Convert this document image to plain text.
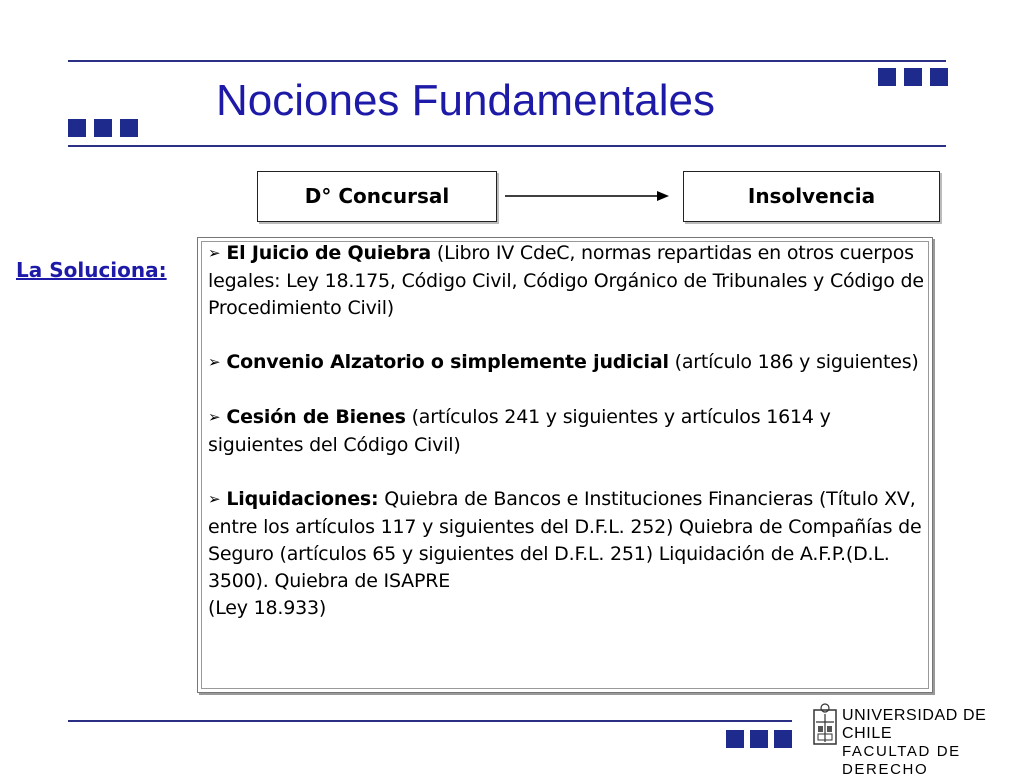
Nociones Fundamentales
D° Concursal	Insolvencia
La Soluciona:

➢ El Juicio de Quiebra (Libro IV CdeC, normas repartidas en otros cuerpos legales: Ley 18.175, Código Civil, Código Orgánico de Tribunales y Código de Procedimiento Civil)

➢ Convenio Alzatorio o simplemente judicial (artículo 186 y siguientes)

➢ Cesión de Bienes (artículos 241 y siguientes y artículos 1614 y siguientes del Código Civil)

➢ Liquidaciones: Quiebra de Bancos e Instituciones Financieras (Título XV, entre los artículos 117 y siguientes del D.F.L. 252) Quiebra de Compañías de Seguro (artículos 65 y siguientes del D.F.L. 251) Liquidación de A.F.P.(D.L. 3500). Quiebra de ISAPRE
(Ley 18.933)

UNIVERSIDAD DE CHILE
FACULTAD DE DERECHO
